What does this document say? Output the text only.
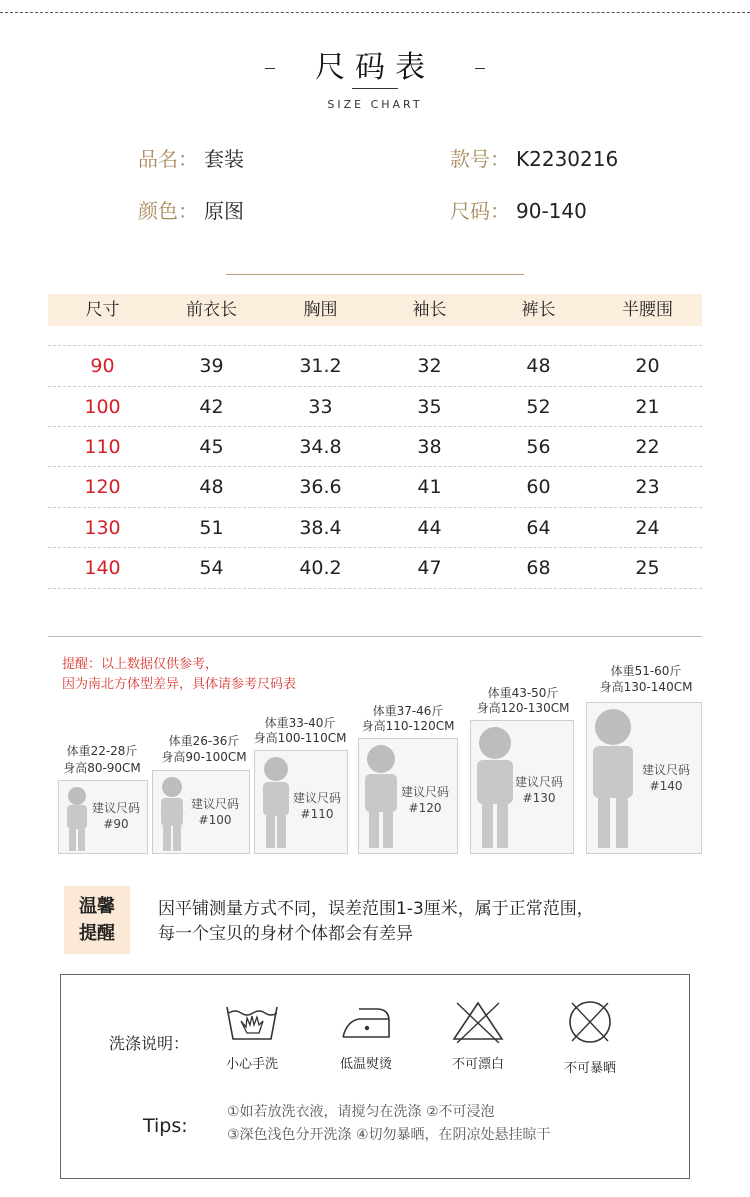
尺码表
SIZE CHART
品名： 套装	款号： K2230216
颜色： 原图	尺码： 90-140
尺寸	前衣长	胸围	袖长	裤长	半腰围
90	39	31.2	32	48	20
100	42	33	35	52	21
110	45	34.8	38	56	22
120	48	36.6	41	60	23
130	51	38.4	44	64	24
140	54	40.2	47	68	25
提醒：以上数据仅供参考，
因为南北方体型差异，具体请参考尺码表
体重22-28斤
身高80-90CM
建议尺码
#90
体重26-36斤
身高90-100CM
建议尺码
#100
体重33-40斤
身高100-110CM
建议尺码
#110
体重37-46斤
身高110-120CM
建议尺码
#120
体重43-50斤
身高120-130CM
建议尺码
#130
体重51-60斤
身高130-140CM
建议尺码
#140
温馨
提醒
因平铺测量方式不同，误差范围1-3厘米，属于正常范围，
每一个宝贝的身材个体都会有差异
洗涤说明：
小心手洗	低温熨烫	不可漂白	不可暴晒
Tips:
①如若放洗衣液，请搅匀在洗涤 ②不可浸泡
③深色浅色分开洗涤 ④切勿暴晒，在阴凉处悬挂晾干
